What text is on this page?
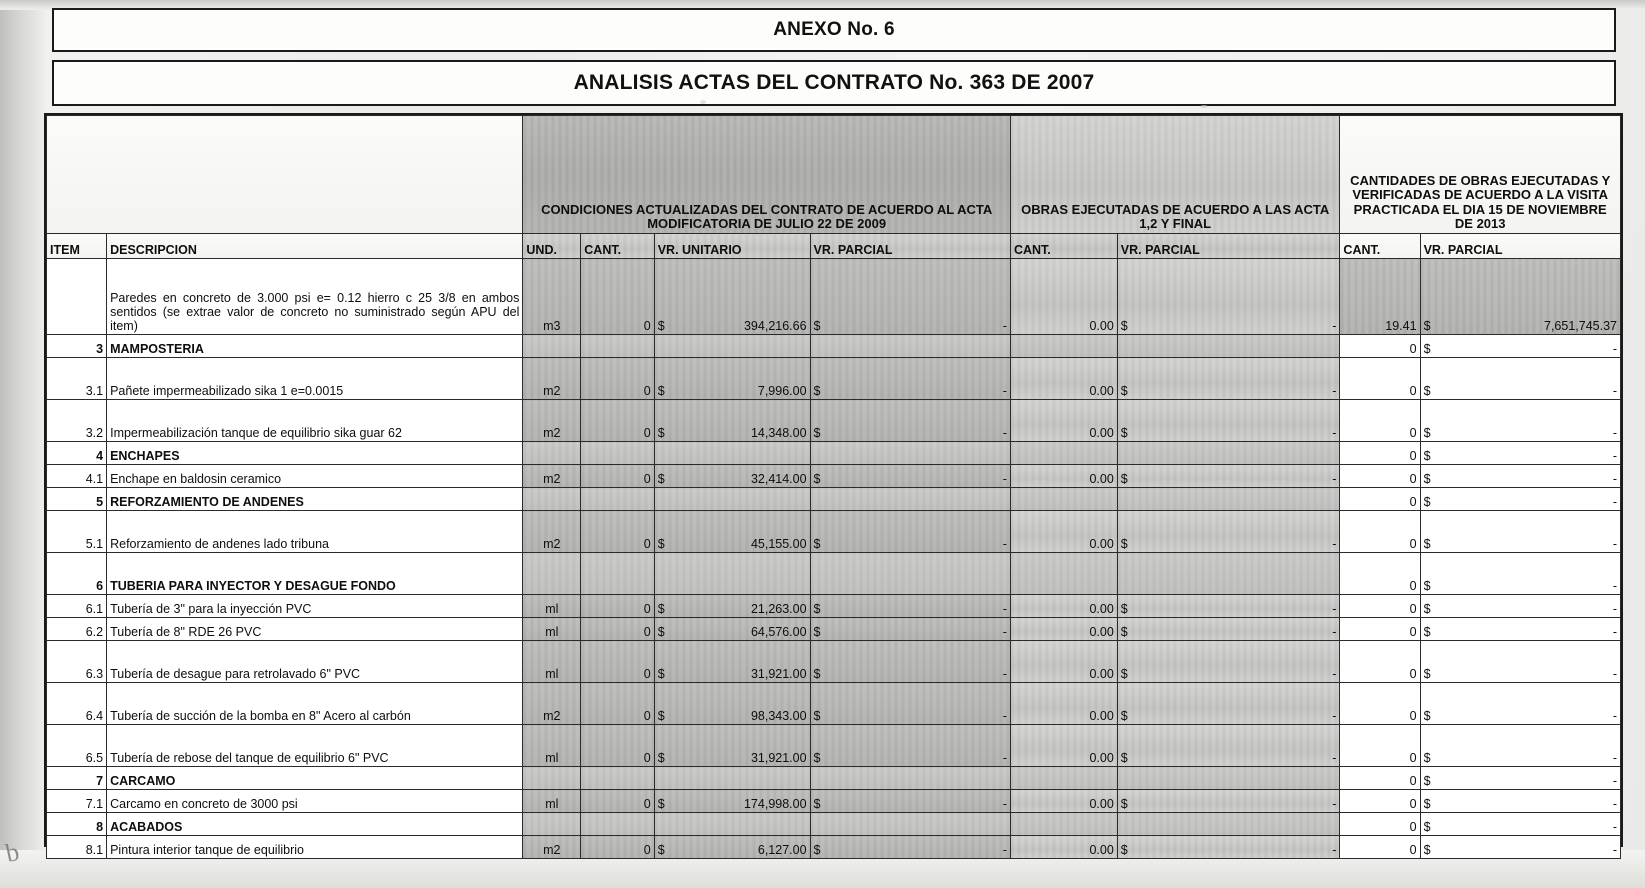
ANEXO No. 6
ANALISIS ACTAS DEL CONTRATO No. 363 DE 2007
		CONDICIONES ACTUALIZADAS DEL CONTRATO DE ACUERDO AL ACTA MODIFICATORIA DE JULIO 22 DE 2009				OBRAS EJECUTADAS DE ACUERDO A LAS ACTA 1,2 Y FINAL		CANTIDADES DE OBRAS EJECUTADAS Y VERIFICADAS DE ACUERDO A LA VISITA PRACTICADA EL DIA 15 DE NOVIEMBRE DE 2013	
ITEM	DESCRIPCION	UND.	CANT.	VR. UNITARIO	VR. PARCIAL	CANT.	VR. PARCIAL	CANT.	VR. PARCIAL
	Paredes en concreto de 3.000 psi e= 0.12 hierro c 25 3/8 en ambos sentidos (se extrae valor de concreto no suministrado según APU del item)	m3	0	$ 394,216.66	$ -	0.00	$ -	19.41	$ 7,651,745.37

3	MAMPOSTERIA							0	$ -

3.1	Pañete impermeabilizado sika 1 e=0.0015	m2	0	$ 7,996.00	$ -	0.00	$ -	0	$ -

3.2	Impermeabilización tanque de equilibrio sika guar 62	m2	0	$ 14,348.00	$ -	0.00	$ -	0	$ -

4	ENCHAPES							0	$ -

4.1	Enchape en baldosin ceramico	m2	0	$ 32,414.00	$ -	0.00	$ -	0	$ -

5	REFORZAMIENTO DE ANDENES							0	$ -

5.1	Reforzamiento de andenes lado tribuna	m2	0	$ 45,155.00	$ -	0.00	$ -	0	$ -

6	TUBERIA PARA INYECTOR Y DESAGUE FONDO							0	$ -

6.1	Tubería de 3" para la inyección PVC	ml	0	$ 21,263.00	$ -	0.00	$ -	0	$ -

6.2	Tubería de 8" RDE 26 PVC	ml	0	$ 64,576.00	$ -	0.00	$ -	0	$ -

6.3	Tubería de desague para retrolavado 6" PVC	ml	0	$ 31,921.00	$ -	0.00	$ -	0	$ -

6.4	Tubería de succión de la bomba en 8" Acero al carbón	m2	0	$ 98,343.00	$ -	0.00	$ -	0	$ -

6.5	Tubería de rebose del tanque de equilibrio 6" PVC	ml	0	$ 31,921.00	$ -	0.00	$ -	0	$ -

7	CARCAMO							0	$ -

7.1	Carcamo en concreto de 3000 psi	ml	0	$ 174,998.00	$ -	0.00	$ -	0	$ -

8	ACABADOS							0	$ -

8.1	Pintura interior tanque de equilibrio	m2	0	$ 6,127.00	$ -	0.00	$ -	0	$ -
b
